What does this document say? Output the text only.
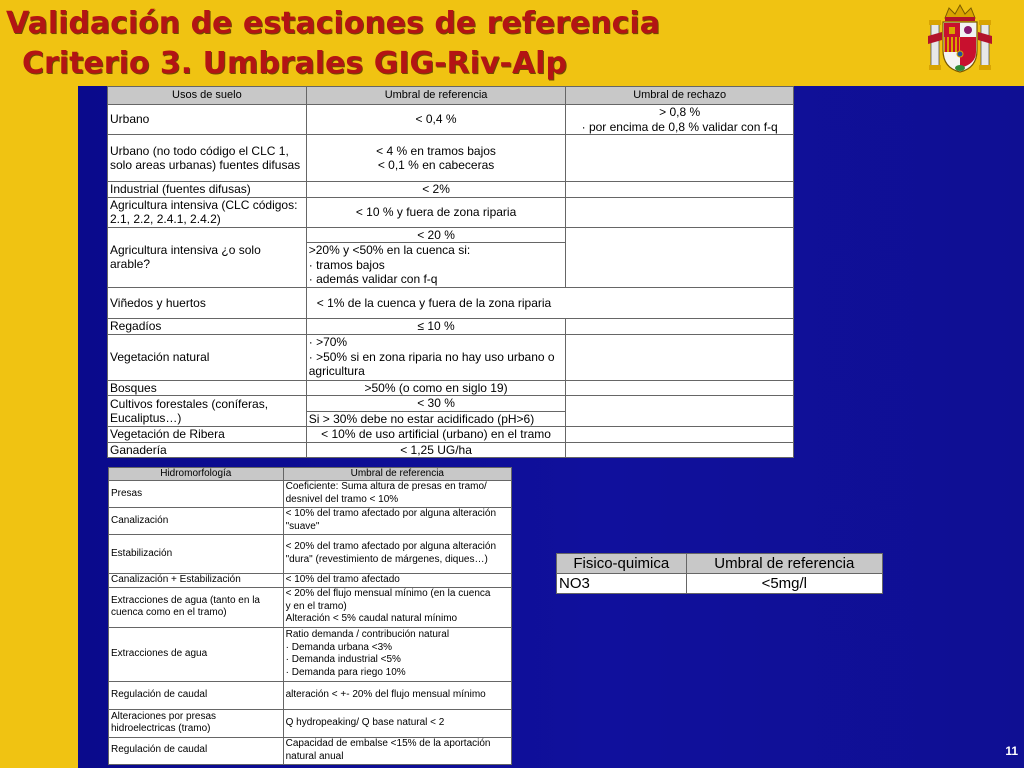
Validación de estaciones de referencia
Criterio 3. Umbrales GIG-Riv-Alp
Usos de suelo	Umbral de referencia	Umbral de rechazo
Urbano	< 0,4 %	> 0,8 %
· por encima de 0,8 % validar con f-q

Urbano (no todo código el CLC 1, solo areas urbanas) fuentes difusas	< 4 % en tramos bajos
< 0,1 % en cabeceras	

Industrial (fuentes difusas)	< 2%	
Agricultura intensiva (CLC códigos: 2.1, 2.2, 2.4.1, 2.4.2)	< 10 % y fuera de zona riparia	
Agricultura intensiva ¿o solo arable?	< 20 %	

	>20% y <50% en la cuenca si:
· tramos bajos
· además validar con f-q	

Viñedos y huertos	< 1% de la cuenca y fuera de la zona riparia	
Regadíos	≤ 10 %	
Vegetación natural	· >70%
· >50% si en zona riparia no hay uso urbano o agricultura	

Bosques	>50% (o como en siglo 19)	
Cultivos forestales (coníferas, Eucaliptus…)	< 30 %	
	Si > 30% debe no estar acidificado (pH>6)	
Vegetación de Ribera	< 10% de uso artificial (urbano) en el tramo	
Ganadería	< 1,25 UG/ha	
Hidromorfología	Umbral de referencia
Presas	Coeficiente: Suma altura de presas en tramo/
desnivel del tramo < 10%

Canalización	< 10% del tramo afectado por alguna alteración
"suave"

Estabilización	< 20% del tramo afectado por alguna alteración
"dura" (revestimiento de márgenes, diques…)

Canalización + Estabilización	< 10% del tramo afectado
Extracciones de agua (tanto en la cuenca como en el tramo)	< 20% del flujo mensual mínimo (en la cuenca
y en el tramo)
Alteración < 5% caudal natural mínimo

Extracciones de agua	Ratio demanda / contribución natural
· Demanda urbana <3%
· Demanda industrial <5%
· Demanda para riego 10%

Regulación de caudal	alteración < +- 20% del flujo mensual mínimo
Alteraciones por presas hidroelectricas (tramo)	Q hydropeaking/ Q base natural < 2
Regulación de caudal	Capacidad de embalse <15% de la aportación
natural anual
Fisico-quimica	Umbral de referencia
NO3	<5mg/l
11
